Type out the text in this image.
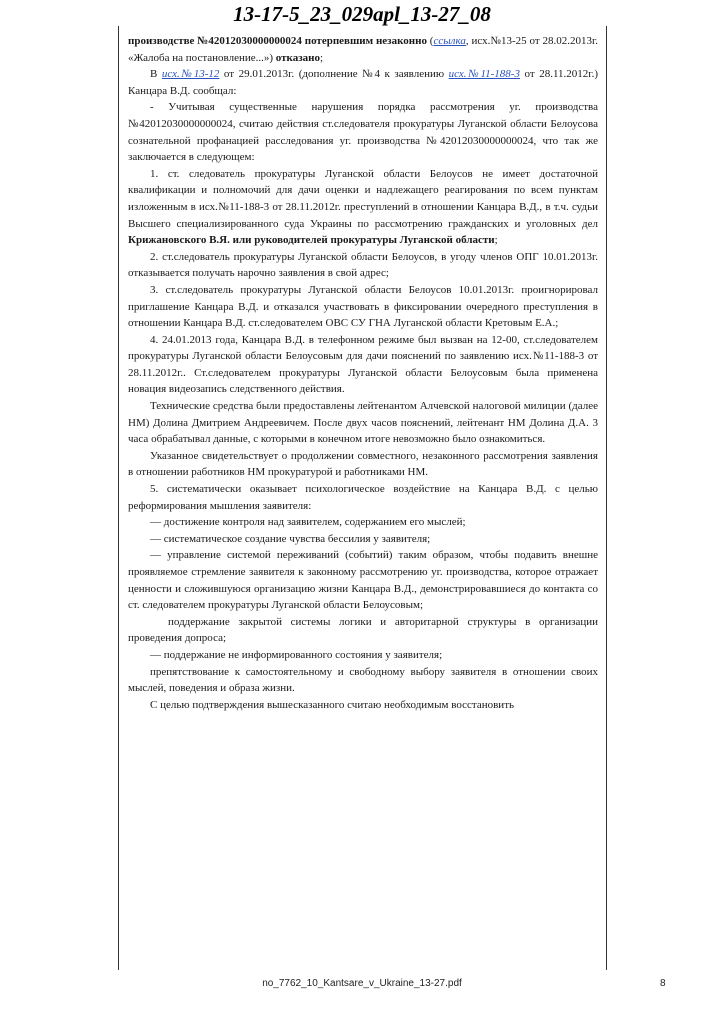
13-17-5_23_029apl_13-27_08

производстве №42012030000000024 потерпевшим незаконно (ссылка, исх.№13-25 от 28.02.2013г. «Жалоба на постановление...») отказано;

В исх.№13-12 от 29.01.2013г. (дополнение №4 к заявлению исх.№11-188-3 от 28.11.2012г.) Канцара В.Д. сообщал:

- Учитывая существенные нарушения порядка рассмотрения уг. производства №42012030000000024, считаю действия ст.следователя прокуратуры Луганской области Белоусова сознательной профанацией расследования уг. производства №42012030000000024, что так же заключается в следующем:

1. ст. следователь прокуратуры Луганской области Белоусов не имеет достаточной квалификации и полномочий для дачи оценки и надлежащего реагирования по всем пунктам изложенным в исх.№11-188-3 от 28.11.2012г. преступлений в отношении Канцара В.Д., в т.ч. судьи Высшего специализированного суда Украины по рассмотрению гражданских и уголовных дел Крижановского В.Я. или руководителей прокуратуры Луганской области;

2. ст.следователь прокуратуры Луганской области Белоусов, в угоду членов ОПГ 10.01.2013г. отказывается получать нарочно заявления в свой адрес;

3. ст.следователь прокуратуры Луганской области Белоусов 10.01.2013г. проигнорировал приглашение Канцара В.Д. и отказался участвовать в фиксировании очередного преступления в отношении Канцара В.Д. ст.следователем ОВС СУ ГНА Луганской области Кретовым Е.А.;

4. 24.01.2013 года, Канцара В.Д. в телефонном режиме был вызван на 12-00, ст.следователем прокуратуры Луганской области Белоусовым для дачи пояснений по заявлению исх.№11-188-3 от 28.11.2012г.. Ст.следователем прокуратуры Луганской области Белоусовым была применена новация видеозапись следственного действия.

Технические средства были предоставлены лейтенантом Алчевской налоговой милиции (далее НМ) Долина Дмитрием Андреевичем. После двух часов пояснений, лейтенант НМ Долина Д.А. 3 часа обрабатывал данные, с которыми в конечном итоге невозможно было ознакомиться.

Указанное свидетельствует о продолжении совместного, незаконного рассмотрения заявления в отношении работников НМ прокуратурой и работниками НМ.

5. систематически оказывает психологическое воздействие на Канцара В.Д. с целью реформирования мышления заявителя:

— достижение контроля над заявителем, содержанием его мыслей;

— систематическое создание чувства бессилия у заявителя;

— управление системой переживаний (событий) таким образом, чтобы подавить внешне проявляемое стремление заявителя к законному рассмотрению уг. производства, которое отражает ценности и сложившуюся организацию жизни Канцара В.Д., демонстрировавшиеся до контакта со ст. следователем прокуратуры Луганской области Белоусовым;

поддержание закрытой системы логики и авторитарной структуры в организации проведения допроса;

— поддержание не информированного состояния у заявителя;

препятствование к самостоятельному и свободному выбору заявителя в отношении своих мыслей, поведения и образа жизни.

С целью подтверждения вышесказанного считаю необходимым восстановить

no_7762_10_Kantsare_v_Ukraine_13-27.pdf	8
